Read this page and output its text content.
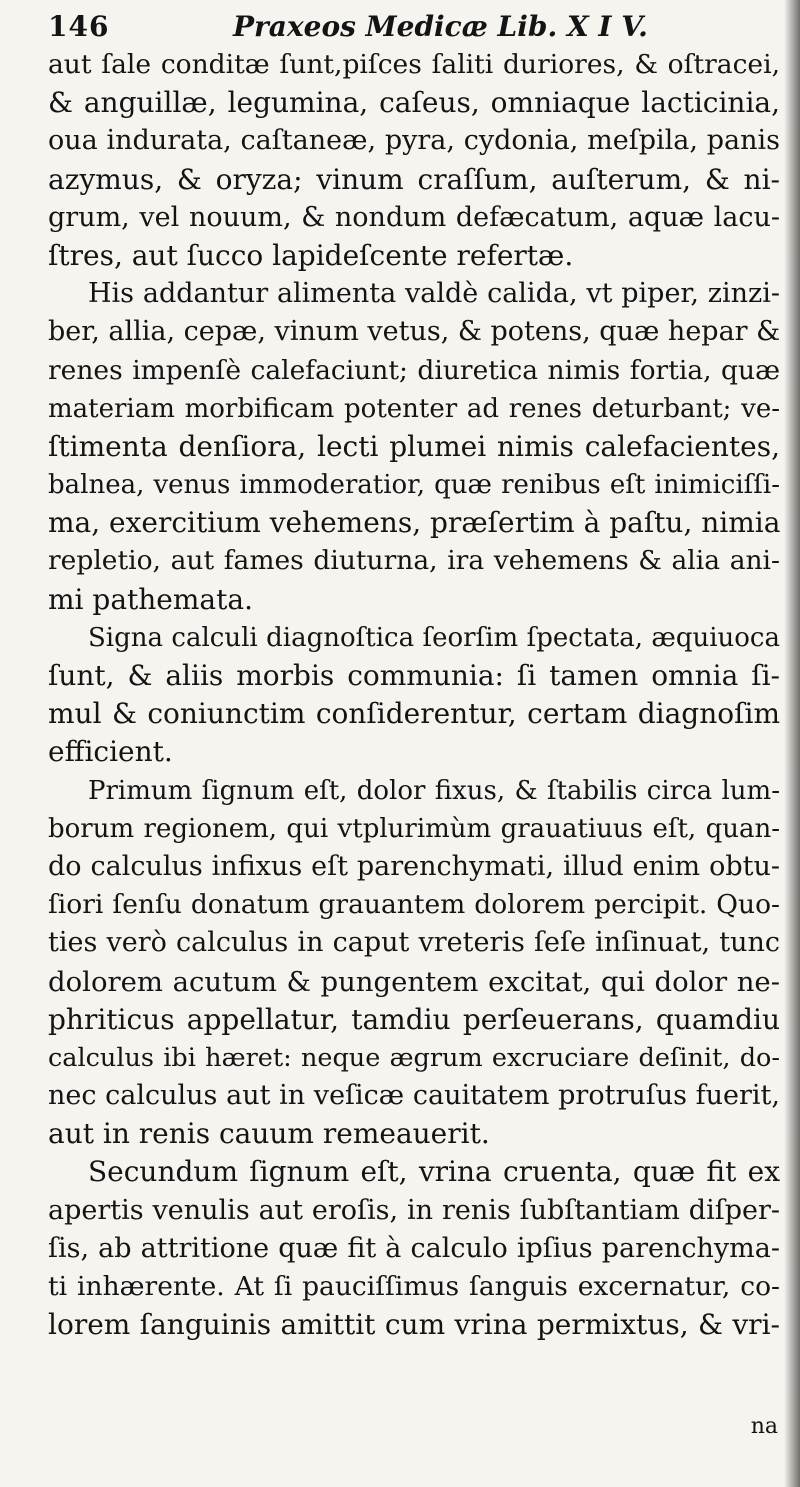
146	Praxeos Medicæ Lib. X I V.
aut ſale conditæ ſunt,piſces ſaliti duriores, & oſtracei,
& anguillæ, legumina, caſeus, omniaque lacticinia,
oua indurata, caſtaneæ, pyra, cydonia, meſpila, panis
azymus, & oryza; vinum craſſum, auſterum, & ni-
grum, vel nouum, & nondum defæcatum, aquæ lacu-
ſtres, aut ſucco lapideſcente refertæ.
His addantur alimenta valdè calida, vt piper, zinzi-
ber, allia, cepæ, vinum vetus, & potens, quæ hepar &
renes impenſè calefaciunt; diuretica nimis fortia, quæ
materiam morbificam potenter ad renes deturbant; ve-
ſtimenta denſiora, lecti plumei nimis calefacientes,
balnea, venus immoderatior, quæ renibus eſt inimiciſſi-
ma, exercitium vehemens, præſertim à paſtu, nimia
repletio, aut fames diuturna, ira vehemens & alia ani-
mi pathemata.
Signa calculi diagnoſtica ſeorſim ſpectata, æquiuoca
ſunt, & aliis morbis communia: ſi tamen omnia ſi-
mul & coniunctim conſiderentur, certam diagnoſim
efficient.
Primum ſignum eſt, dolor fixus, & ſtabilis circa lum-
borum regionem, qui vtplurimùm grauatiuus eſt, quan-
do calculus infixus eſt parenchymati, illud enim obtu-
ſiori ſenſu donatum grauantem dolorem percipit. Quo-
ties verò calculus in caput vreteris ſeſe inſinuat, tunc
dolorem acutum & pungentem excitat, qui dolor ne-
phriticus appellatur, tamdiu perſeuerans, quamdiu
calculus ibi hæret: neque ægrum excruciare deſinit, do-
nec calculus aut in veſicæ cauitatem protruſus fuerit,
aut in renis cauum remeauerit.
Secundum ſignum eſt, vrina cruenta, quæ fit ex
apertis venulis aut eroſis, in renis ſubſtantiam diſper-
ſis, ab attritione quæ fit à calculo ipſius parenchyma-
ti inhærente. At ſi pauciſſimus ſanguis excernatur, co-
lorem ſanguinis amittit cum vrina permixtus, & vri-
na
